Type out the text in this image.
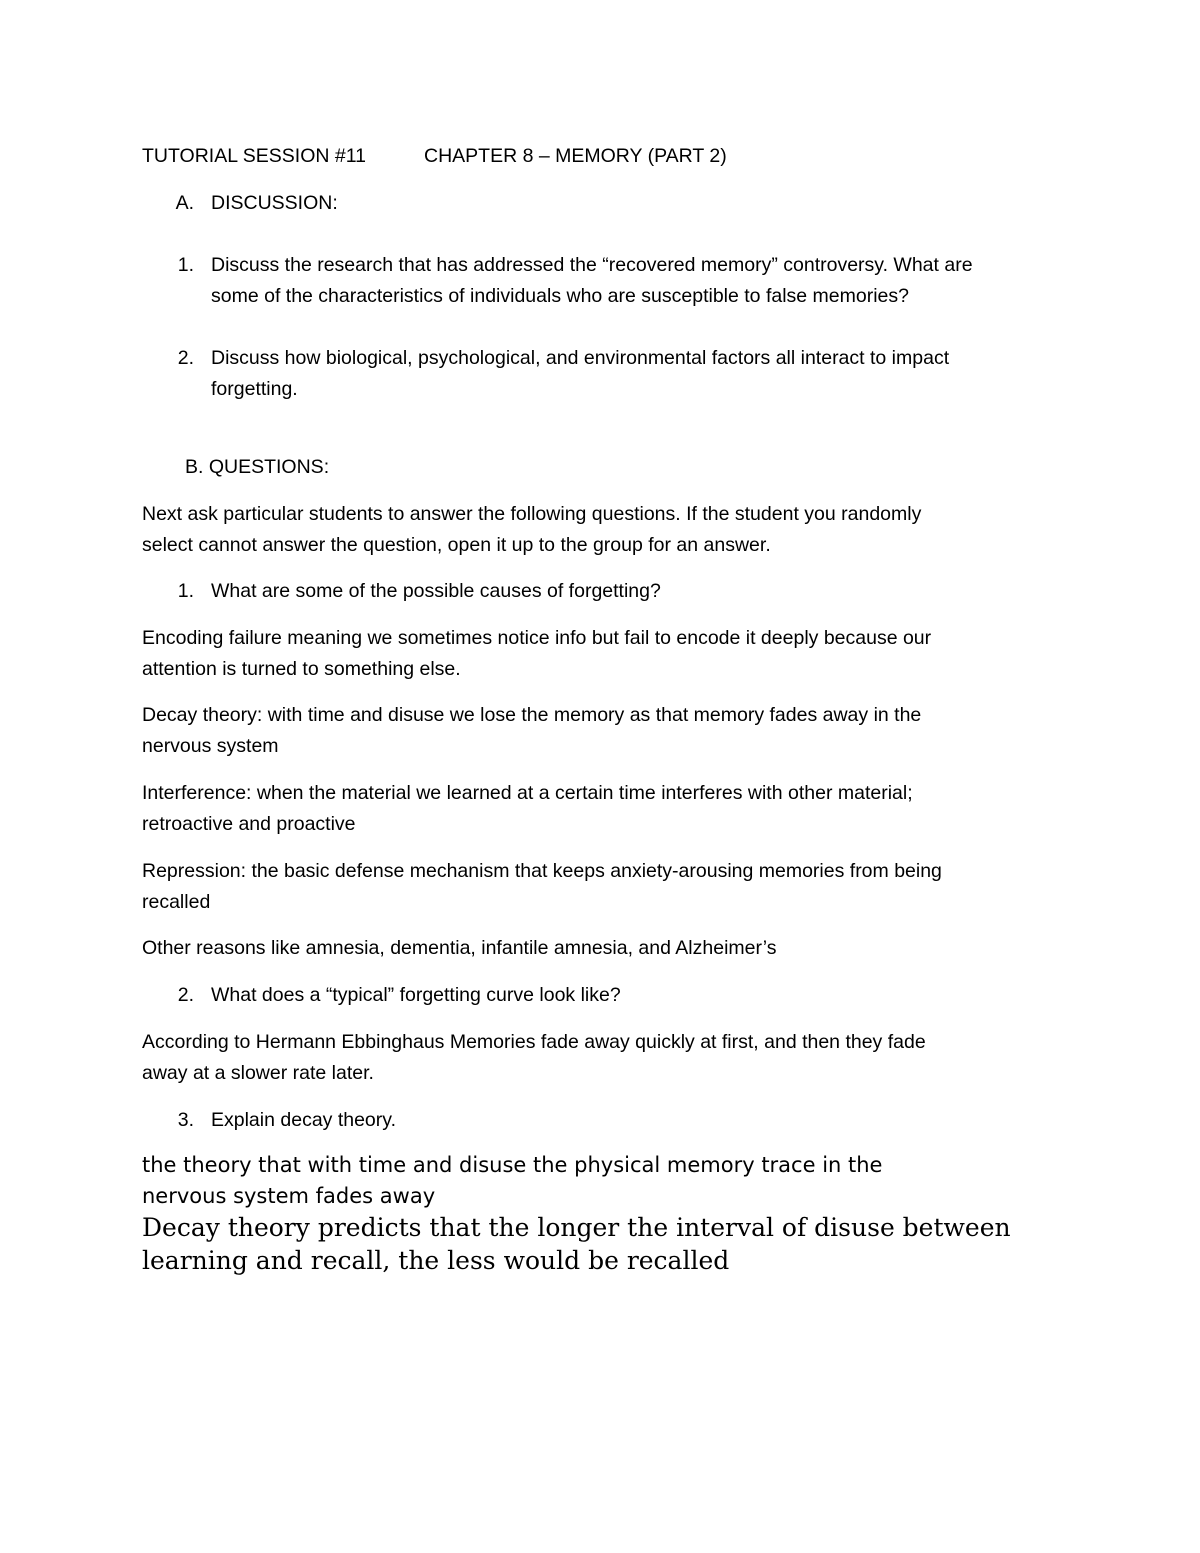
TUTORIAL SESSION #11	CHAPTER 8 – MEMORY (PART 2)
A. DISCUSSION:
1. Discuss the research that has addressed the “recovered memory” controversy. What are
some of the characteristics of individuals who are susceptible to false memories?
2. Discuss how biological, psychological, and environmental factors all interact to impact
forgetting.
B. QUESTIONS:
Next ask particular students to answer the following questions. If the student you randomly
select cannot answer the question, open it up to the group for an answer.
1. What are some of the possible causes of forgetting?
Encoding failure meaning we sometimes notice info but fail to encode it deeply because our
attention is turned to something else.
Decay theory: with time and disuse we lose the memory as that memory fades away in the
nervous system
Interference: when the material we learned at a certain time interferes with other material;
retroactive and proactive
Repression: the basic defense mechanism that keeps anxiety-arousing memories from being
recalled
Other reasons like amnesia, dementia, infantile amnesia, and Alzheimer’s
2. What does a “typical” forgetting curve look like?
According to Hermann Ebbinghaus Memories fade away quickly at first, and then they fade
away at a slower rate later.
3. Explain decay theory.
the theory that with time and disuse the physical memory trace in the
nervous system fades away
Decay theory predicts that the longer the interval of disuse between
learning and recall, the less would be recalled
